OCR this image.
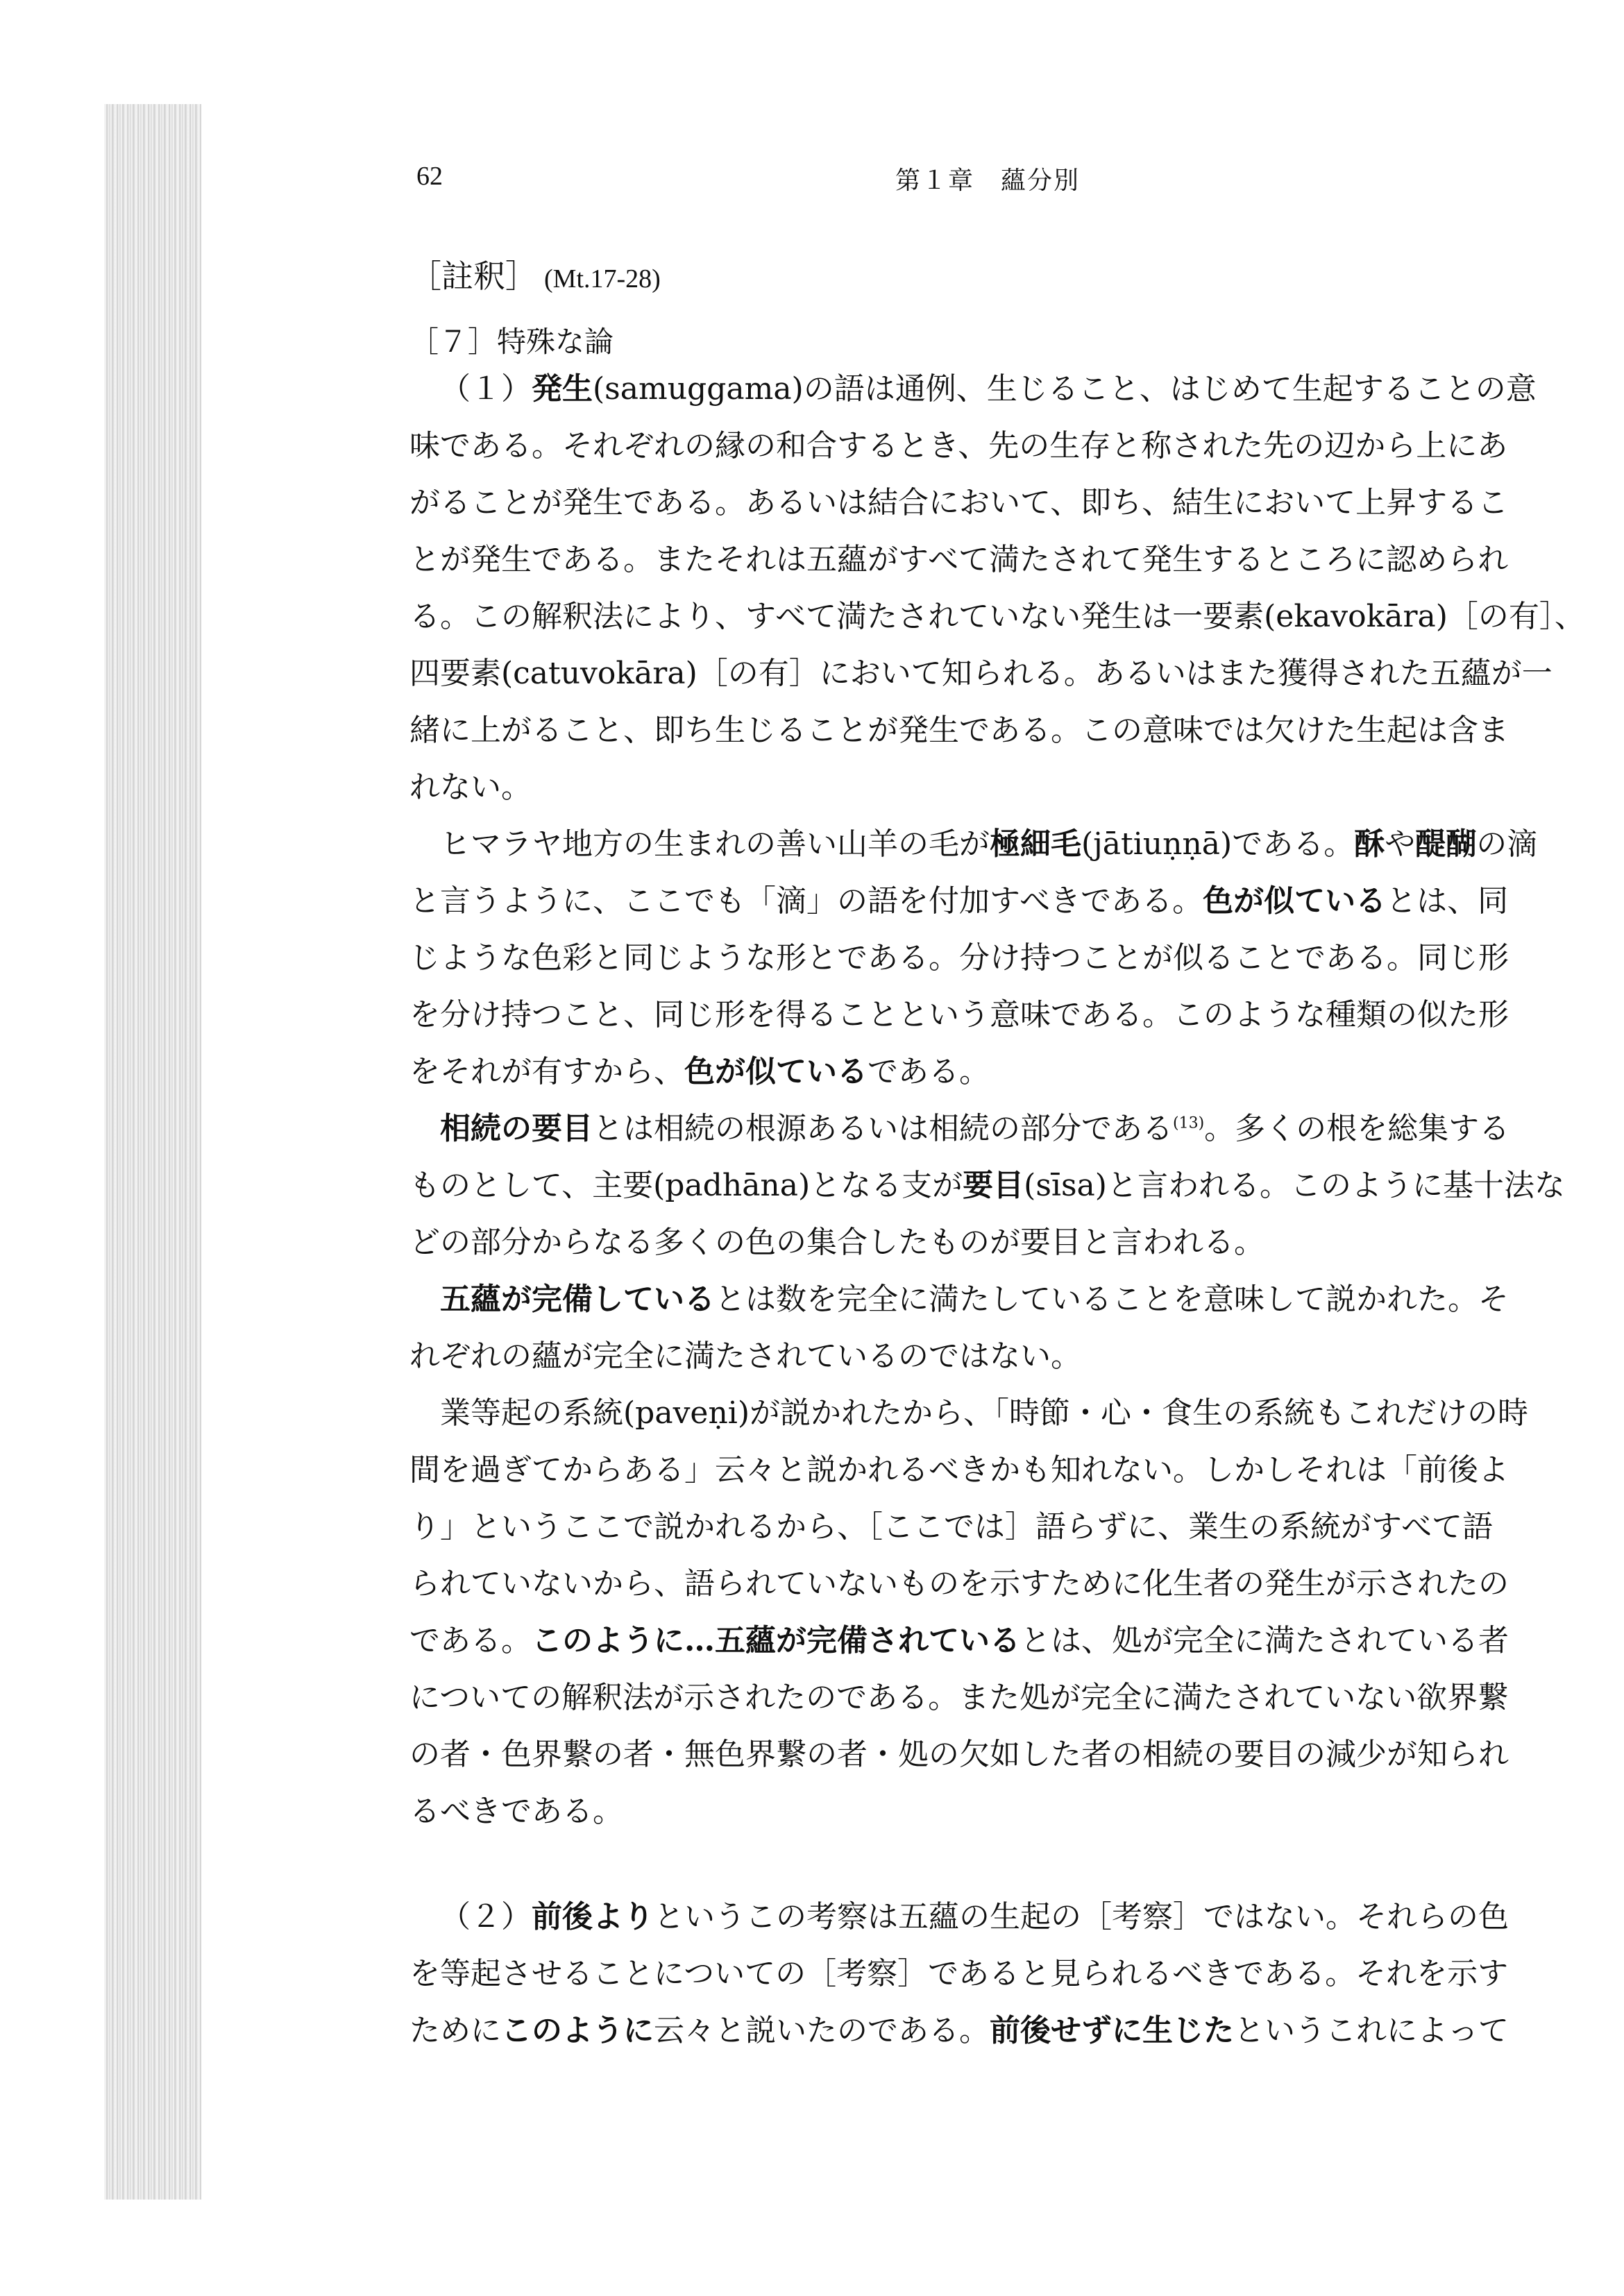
62	第１章　蘊分別
［註釈］ (Mt.17-28)
［７］特殊な論
（１）発生(samuggama)の語は通例、生じること、はじめて生起することの意
味である。それぞれの縁の和合するとき、先の生存と称された先の辺から上にあ
がることが発生である。あるいは結合において、即ち、結生において上昇するこ
とが発生である。またそれは五蘊がすべて満たされて発生するところに認められ
る。この解釈法により、すべて満たされていない発生は一要素(ekavokāra)［の有］、
四要素(catuvokāra)［の有］において知られる。あるいはまた獲得された五蘊が一
緒に上がること、即ち生じることが発生である。この意味では欠けた生起は含ま
れない。
ヒマラヤ地方の生まれの善い山羊の毛が極細毛(jātiuṇṇā)である。酥や醍醐の滴
と言うように、ここでも「滴」の語を付加すべきである。色が似ているとは、同
じような色彩と同じような形とである。分け持つことが似ることである。同じ形
を分け持つこと、同じ形を得ることという意味である。このような種類の似た形
をそれが有すから、色が似ているである。
相続の要目とは相続の根源あるいは相続の部分である$^{(13)}$。多くの根を総集する
ものとして、主要(padhāna)となる支が要目(sīsa)と言われる。このように基十法な
どの部分からなる多くの色の集合したものが要目と言われる。
五蘊が完備しているとは数を完全に満たしていることを意味して説かれた。そ
れぞれの蘊が完全に満たされているのではない。
業等起の系統(paveṇi)が説かれたから、「時節・心・食生の系統もこれだけの時
間を過ぎてからある」云々と説かれるべきかも知れない。しかしそれは「前後よ
り」というここで説かれるから、［ここでは］語らずに、業生の系統がすべて語
られていないから、語られていないものを示すために化生者の発生が示されたの
である。このように…五蘊が完備されているとは、処が完全に満たされている者
についての解釈法が示されたのである。また処が完全に満たされていない欲界繋
の者・色界繋の者・無色界繋の者・処の欠如した者の相続の要目の減少が知られ
るべきである。
（２）前後よりというこの考察は五蘊の生起の［考察］ではない。それらの色
を等起させることについての［考察］であると見られるべきである。それを示す
ためにこのように云々と説いたのである。前後せずに生じたというこれによって
